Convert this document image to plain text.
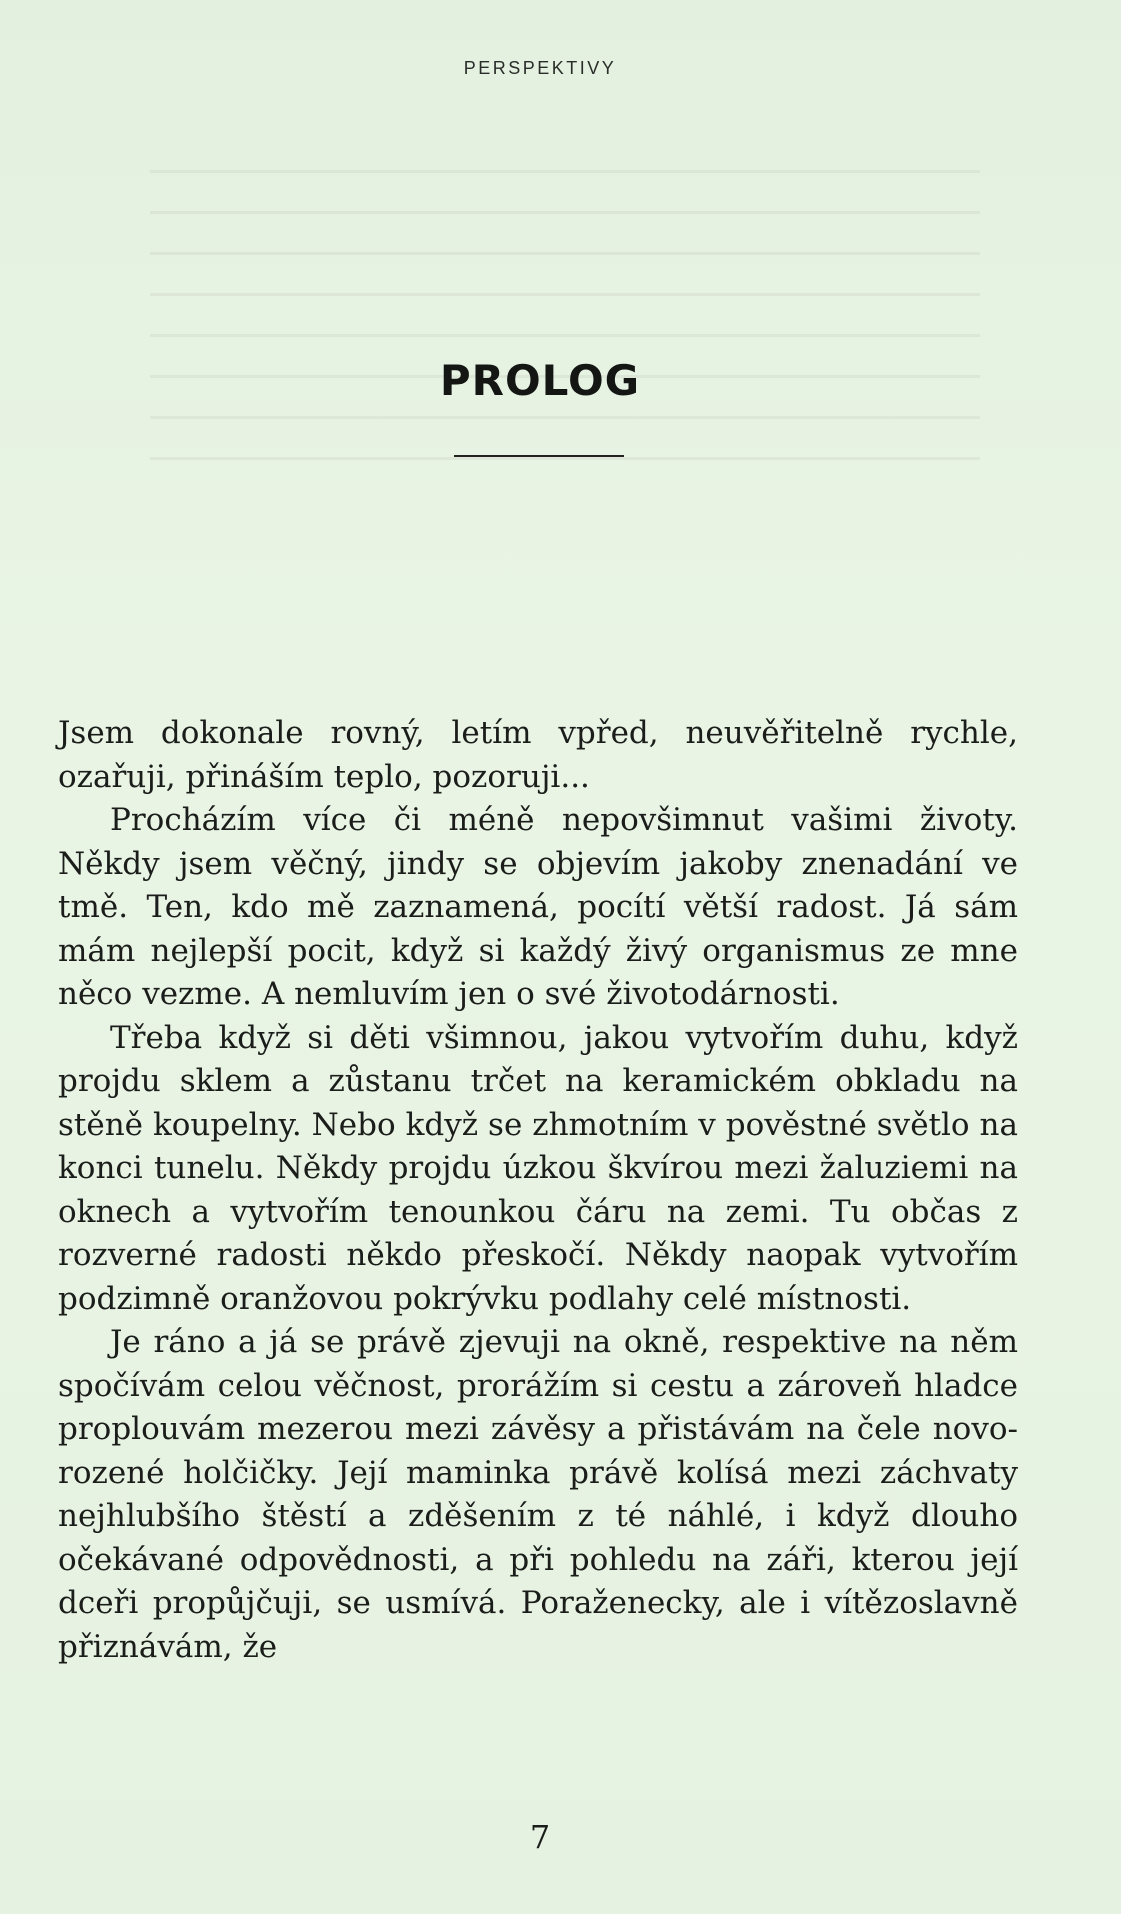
PERSPEKTIVY
PROLOG

Jsem dokonale rovný, letím vpřed, neuvěřitelně rychle, ozařuji, přináším teplo, pozoruji...

Procházím více či méně nepovšimnut vašimi životy. Někdy jsem věčný, jindy se objevím jakoby znenadání ve tmě. Ten, kdo mě zaznamená, pocítí větší radost. Já sám mám nejlepší pocit, když si každý živý organismus ze mne něco vezme. A nemluvím jen o své životodárnosti.

Třeba když si děti všimnou, jakou vytvořím duhu, když projdu sklem a zůstanu trčet na keramickém obkladu na stěně koupelny. Nebo když se zhmotním v pověstné světlo na konci tunelu. Někdy projdu úzkou škvírou mezi žaluziemi na oknech a vytvořím tenounkou čáru na zemi. Tu občas z rozverné radosti někdo přeskočí. Někdy naopak vytvořím podzimně oranžovou pokrývku podlahy celé místnosti.

Je ráno a já se právě zjevuji na okně, respektive na něm spočívám celou věčnost, prorážím si cestu a zároveň hladce proplouvám mezerou mezi závěsy a přistávám na čele novorozené holčičky. Její maminka právě kolísá mezi záchvaty nejhlubšího štěstí a zděšením z té náhlé, i když dlouho očekávané odpovědnosti, a při pohledu na záři, kterou její dceři propůjčuji, se usmívá. Poraženecky, ale i vítězoslavně přiznávám, že

7
